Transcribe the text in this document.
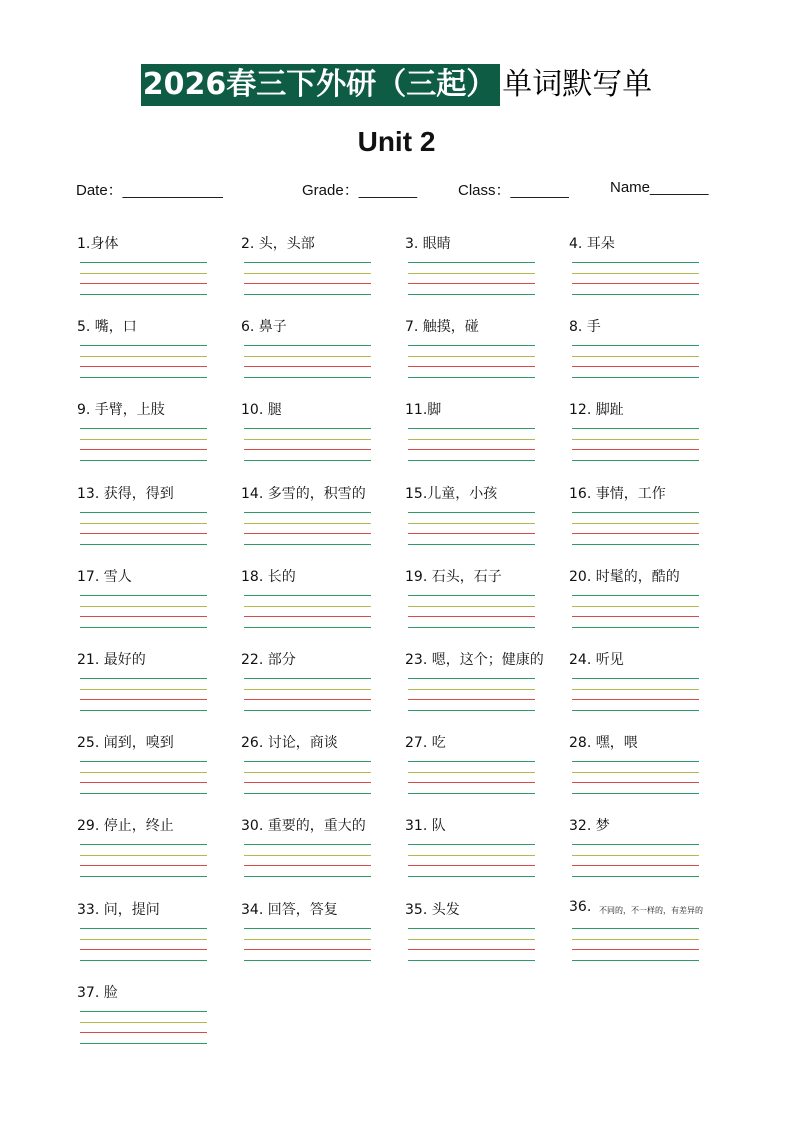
2026春三下外研（三起） 单词默写单
Unit 2
Date：____________	Grade：_______	Class：_______	Name_______
1.身体	2. 头，头部	3. 眼睛	4. 耳朵
5. 嘴，口	6. 鼻子	7. 触摸，碰	8. 手
9. 手臂，上肢	10. 腿	11.脚	12. 脚趾
13. 获得，得到	14. 多雪的，积雪的	15.儿童，小孩	16. 事情，工作
17. 雪人	18. 长的	19. 石头，石子	20. 时髦的，酷的
21. 最好的	22. 部分	23. 嗯，这个；健康的 24. 听见
25. 闻到，嗅到	26. 讨论，商谈	27. 吃	28. 嘿，喂
29. 停止，终止	30. 重要的，重大的	31. 队	32. 梦
33. 问，提问	34. 回答，答复	35. 头发	36. 不同的，不一样的，有差异的
37. 脸
